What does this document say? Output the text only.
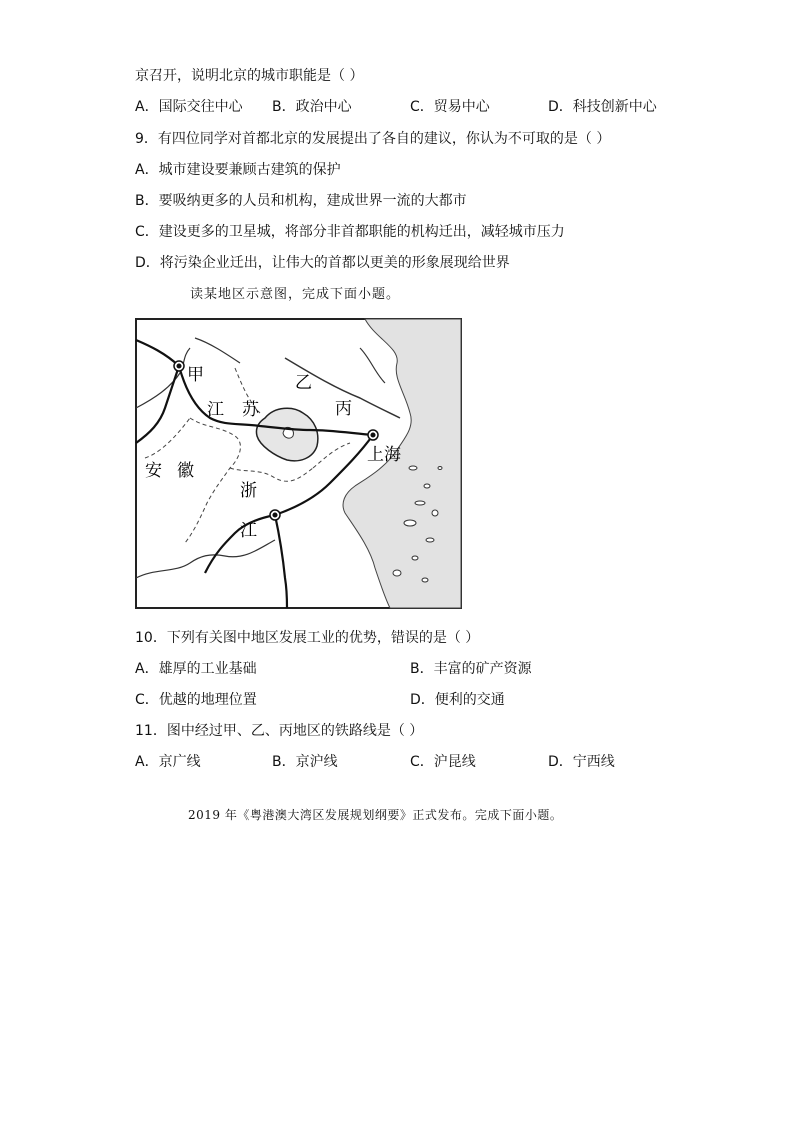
京召开，说明北京的城市职能是（ ）
A．国际交往中心 B．政治中心	C．贸易中心	D．科技创新中心
9．有四位同学对首都北京的发展提出了各自的建议，你认为不可取的是（ ）
A．城市建设要兼顾古建筑的保护
B．要吸纳更多的人员和机构，建成世界一流的大都市
C．建设更多的卫星城，将部分非首都职能的机构迁出，减轻城市压力
D．将污染企业迁出，让伟大的首都以更美的形象展现给世界
读某地区示意图，完成下面小题。
甲	乙
丙
江 苏
上海
安 徽
浙
江
10．下列有关图中地区发展工业的优势，错误的是（ ）
A．雄厚的工业基础	B．丰富的矿产资源
C．优越的地理位置	D．便利的交通
11．图中经过甲、乙、丙地区的铁路线是（ ）
A．京广线	B．京沪线	C．沪昆线	D．宁西线
2019 年《粤港澳大湾区发展规划纲要》正式发布。完成下面小题。
